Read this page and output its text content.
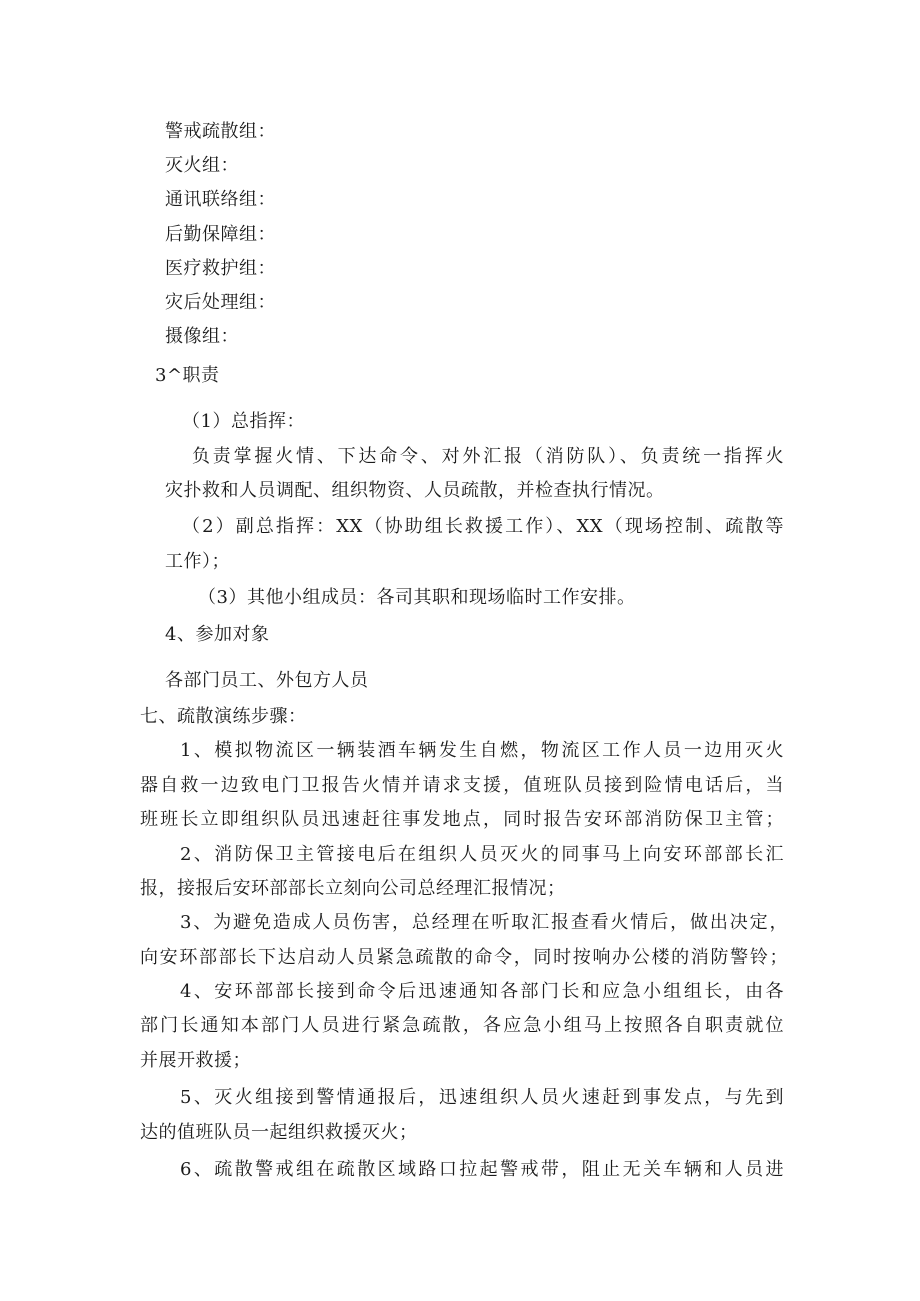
警戒疏散组：
灭火组：
通讯联络组：
后勤保障组：
医疗救护组：
灾后处理组：
摄像组：
3^职责
（1）总指挥：
负责掌握火情、下达命令、对外汇报（消防队）、负责统一指挥火
灾扑救和人员调配、组织物资、人员疏散，并检查执行情况。
（2）副总指挥：XX（协助组长救援工作）、XX（现场控制、疏散等
工作）；
（3）其他小组成员：各司其职和现场临时工作安排。
4、参加对象
各部门员工、外包方人员
七、疏散演练步骤：
1、模拟物流区一辆装酒车辆发生自燃，物流区工作人员一边用灭火
器自救一边致电门卫报告火情并请求支援，值班队员接到险情电话后，当
班班长立即组织队员迅速赶往事发地点，同时报告安环部消防保卫主管；
2、消防保卫主管接电后在组织人员灭火的同事马上向安环部部长汇
报，接报后安环部部长立刻向公司总经理汇报情况；
3、为避免造成人员伤害，总经理在听取汇报查看火情后，做出决定，
向安环部部长下达启动人员紧急疏散的命令，同时按响办公楼的消防警铃；
4、安环部部长接到命令后迅速通知各部门长和应急小组组长，由各
部门长通知本部门人员进行紧急疏散，各应急小组马上按照各自职责就位
并展开救援；
5、灭火组接到警情通报后，迅速组织人员火速赶到事发点，与先到
达的值班队员一起组织救援灭火；
6、疏散警戒组在疏散区域路口拉起警戒带，阻止无关车辆和人员进
